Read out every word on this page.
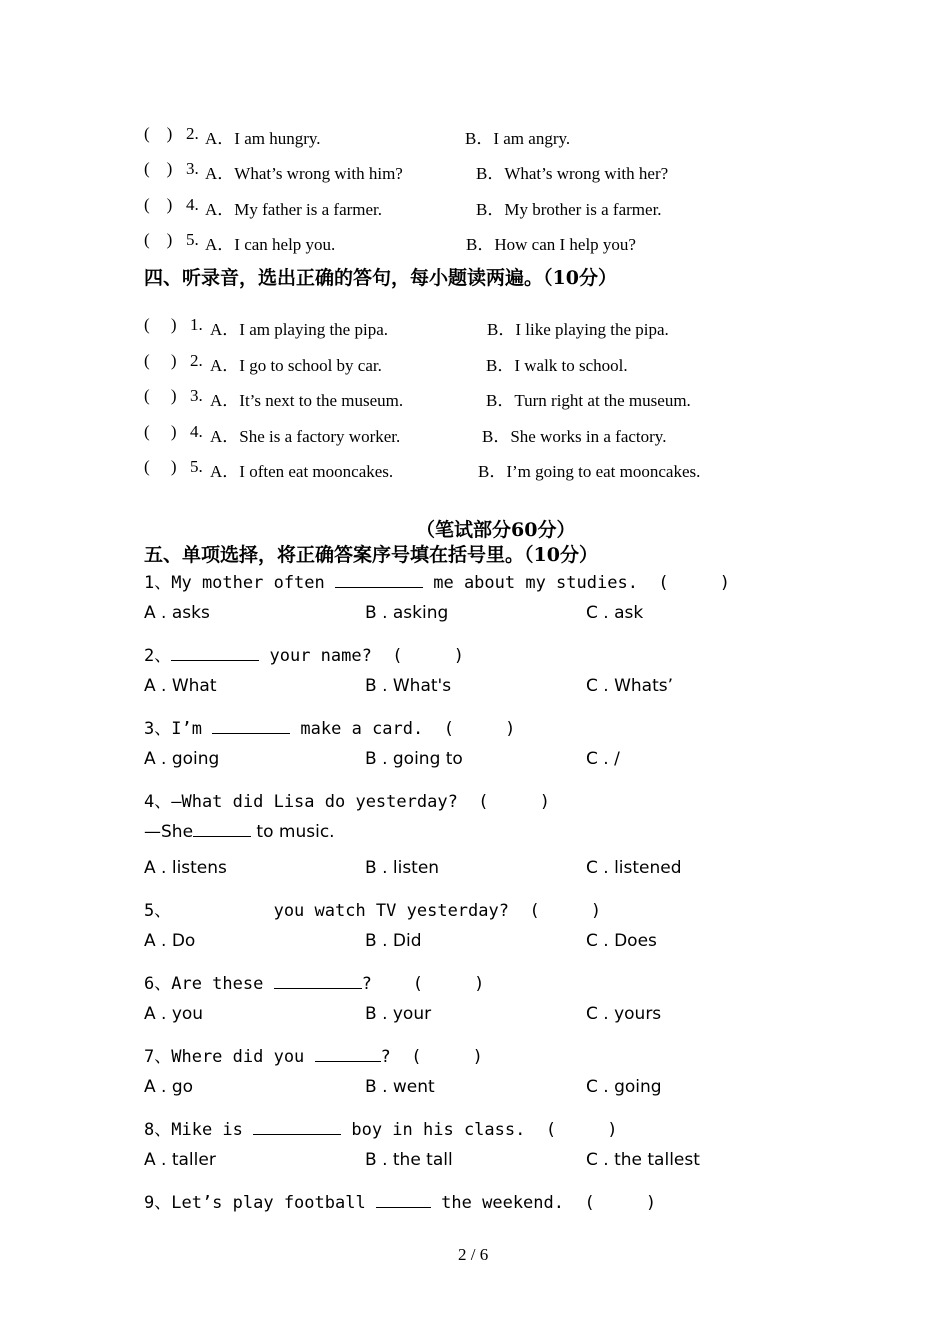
(    ) 2. A．I am hungry.	B．I am angry.
(    ) 3. A．What’s wrong with him?	B．What’s wrong with her?
(    ) 4. A．My father is a farmer.	B．My brother is a farmer.
(    ) 5. A．I can help you.	B．How can I help you?
四、听录音，选出正确的答句，每小题读两遍。（10分）
(     ) 1. A．I am playing the pipa.	B．I like playing the pipa.
(     ) 2. A．I go to school by car.	B．I walk to school.
(     ) 3. A．It’s next to the museum.	B．Turn right at the museum.
(     ) 4. A．She is a factory worker.	B．She works in a factory.
(     ) 5. A．I often eat mooncakes.	B．I’m going to eat mooncakes.
（笔试部分60分）
五、单项选择，将正确答案序号填在括号里。（10分）
1、My mother often	me about my studies.  (     )
A . asks	B . asking	C . ask
2、	your name?  (     )
A . What	B . What's	C . Whats’
3、I’m	make a card.  (     )
A . going	B . going to	C . /
4、—What did Lisa do yesterday?  (     )
—She	to music.
A . listens	B . listen	C . listened
5、          you watch TV yesterday?  (     )
A . Do	B . Did	C . Does
6、Are these	?    (     )
A . you	B . your	C . yours
7、Where did you	?  (     )
A . go	B . went	C . going
8、Mike is	boy in his class.  (     )
A . taller	B . the tall	C . the tallest
9、Let’s play football	the weekend.  (     )
2 / 6
